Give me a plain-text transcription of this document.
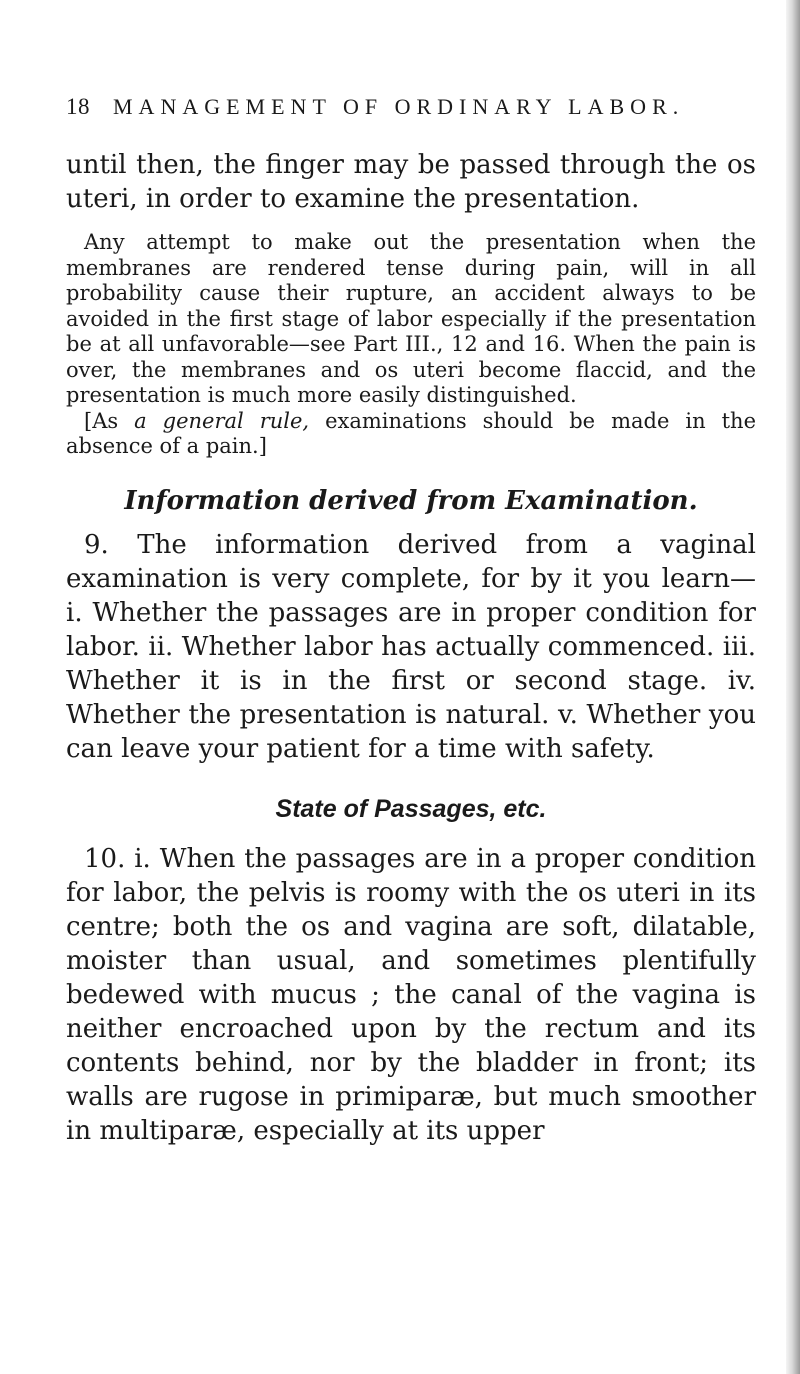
18	MANAGEMENT OF ORDINARY LABOR.

until then, the finger may be passed through the os uteri, in order to examine the presentation.

Any attempt to make out the presentation when the membranes are rendered tense during pain, will in all probability cause their rupture, an accident always to be avoided in the first stage of labor especially if the presentation be at all unfavorable—see Part III., 12 and 16. When the pain is over, the membranes and os uteri become flaccid, and the presentation is much more easily distinguished.

[As a general rule, examinations should be made in the absence of a pain.]

Information derived from Examination.

9. The information derived from a vaginal examination is very complete, for by it you learn— i. Whether the passages are in proper condition for labor. ii. Whether labor has actually commenced. iii. Whether it is in the first or second stage. iv. Whether the presentation is natural. v. Whether you can leave your patient for a time with safety.

State of Passages, etc.

10. i. When the passages are in a proper condition for labor, the pelvis is roomy with the os uteri in its centre; both the os and vagina are soft, dilatable, moister than usual, and sometimes plentifully bedewed with mucus ; the canal of the vagina is neither encroached upon by the rectum and its contents behind, nor by the bladder in front; its walls are rugose in primiparæ, but much smoother in multiparæ, especially at its upper
